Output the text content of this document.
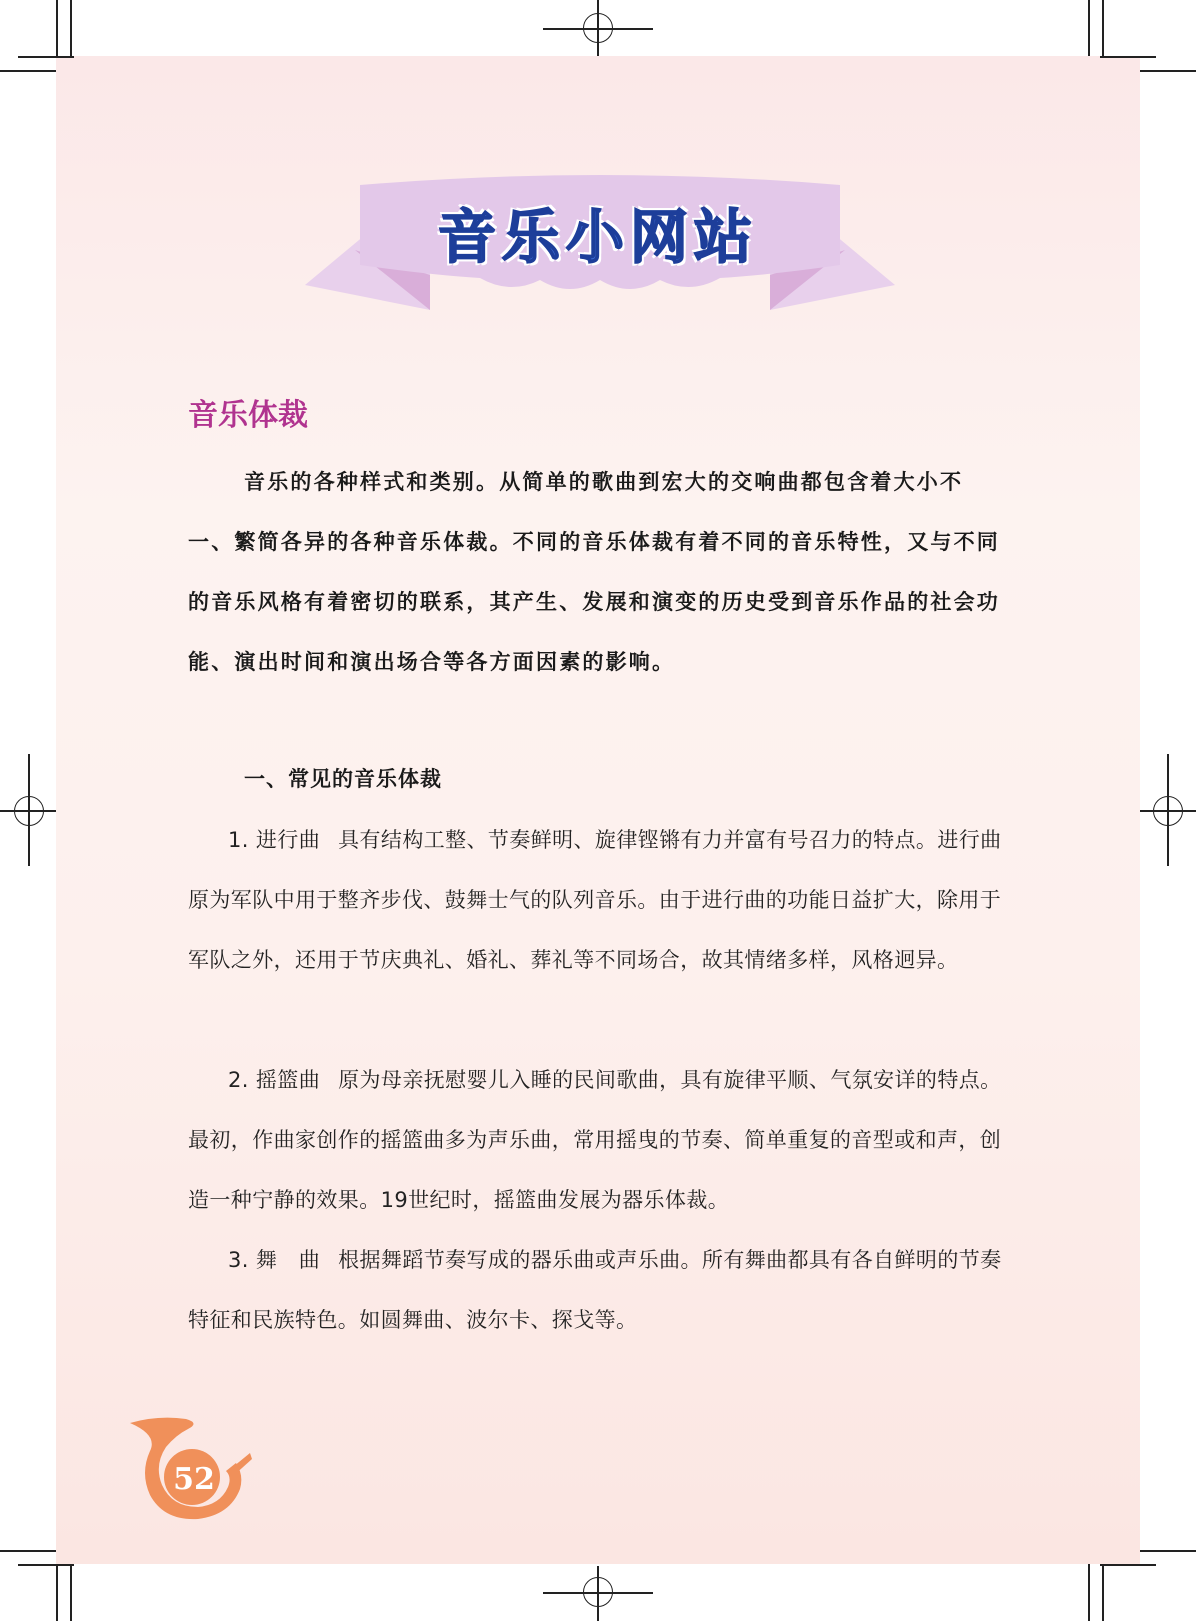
音乐小网站
音乐体裁
音乐的各种样式和类别。从简单的歌曲到宏大的交响曲都包含着大小不一、繁简各异的各种音乐体裁。不同的音乐体裁有着不同的音乐特性，又与不同的音乐风格有着密切的联系，其产生、发展和演变的历史受到音乐作品的社会功能、演出时间和演出场合等各方面因素的影响。
一、常见的音乐体裁

1. 进行曲 具有结构工整、节奏鲜明、旋律铿锵有力并富有号召力的特点。进行曲原为军队中用于整齐步伐、鼓舞士气的队列音乐。由于进行曲的功能日益扩大，除用于军队之外，还用于节庆典礼、婚礼、葬礼等不同场合，故其情绪多样，风格迥异。

2. 摇篮曲 原为母亲抚慰婴儿入睡的民间歌曲，具有旋律平顺、气氛安详的特点。最初，作曲家创作的摇篮曲多为声乐曲，常用摇曳的节奏、简单重复的音型或和声，创造一种宁静的效果。19世纪时，摇篮曲发展为器乐体裁。

3. 舞　曲 根据舞蹈节奏写成的器乐曲或声乐曲。所有舞曲都具有各自鲜明的节奏特征和民族特色。如圆舞曲、波尔卡、探戈等。

52
